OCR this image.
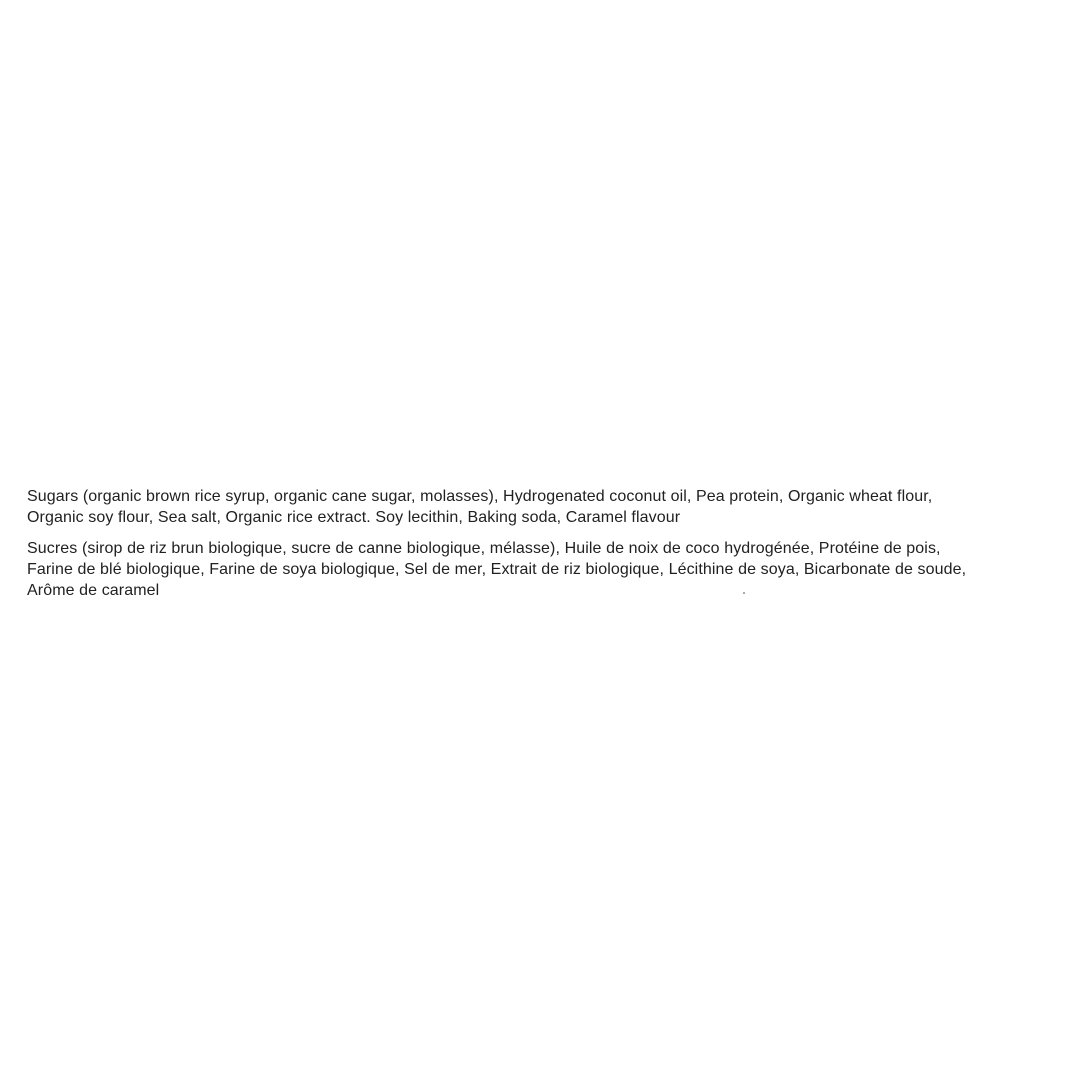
Sugars (organic brown rice syrup, organic cane sugar, molasses), Hydrogenated coconut oil, Pea protein, Organic wheat flour,
Organic soy flour, Sea salt, Organic rice extract. Soy lecithin, Baking soda, Caramel flavour

Sucres (sirop de riz brun biologique, sucre de canne biologique, mélasse), Huile de noix de coco hydrogénée, Protéine de pois,
Farine de blé biologique, Farine de soya biologique, Sel de mer, Extrait de riz biologique, Lécithine de soya, Bicarbonate de soude,
Arôme de caramel
